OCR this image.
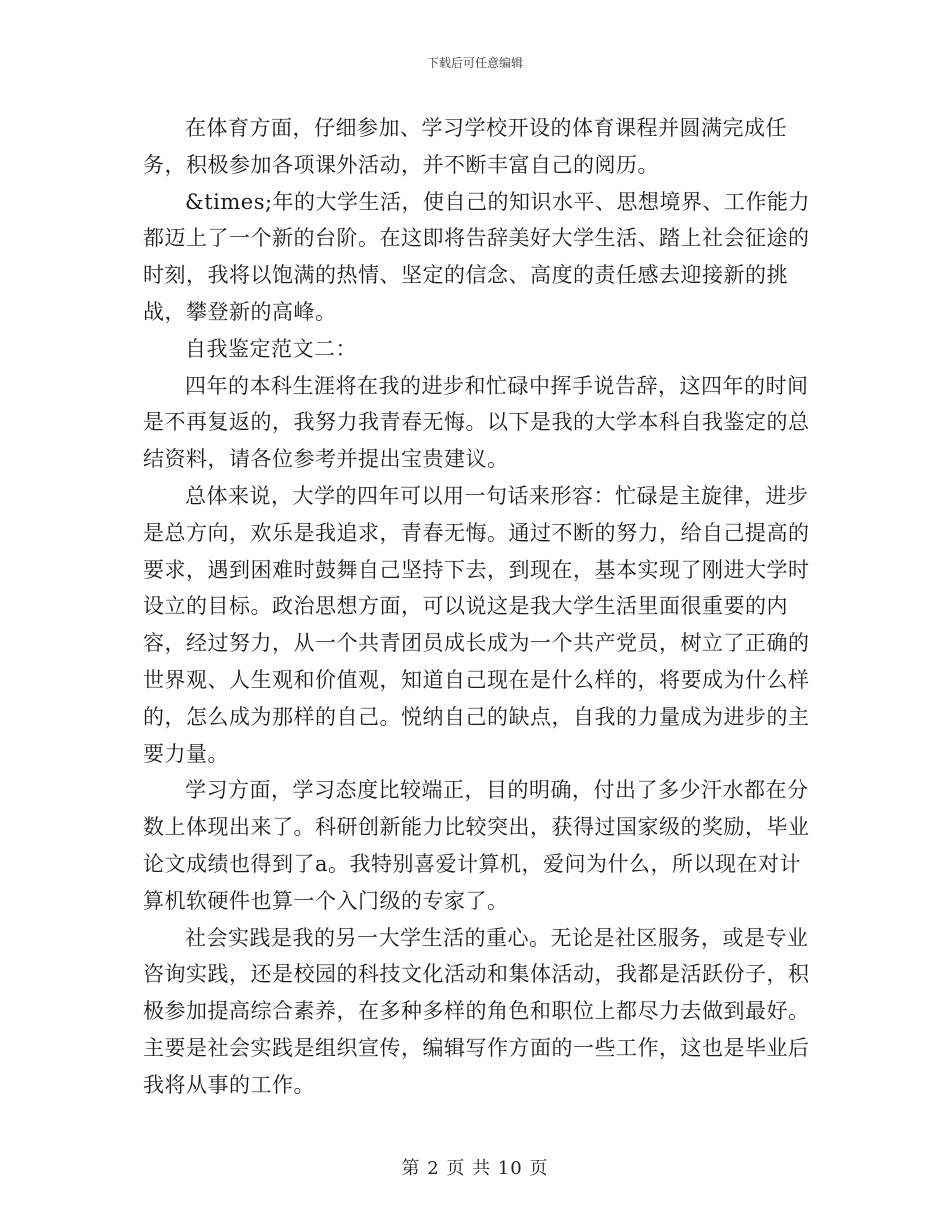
下载后可任意编辑

在体育方面，仔细参加、学习学校开设的体育课程并圆满完成任务，积极参加各项课外活动，并不断丰富自己的阅历。

&times;年的大学生活，使自己的知识水平、思想境界、工作能力都迈上了一个新的台阶。在这即将告辞美好大学生活、踏上社会征途的时刻，我将以饱满的热情、坚定的信念、高度的责任感去迎接新的挑战，攀登新的高峰。

自我鉴定范文二：

四年的本科生涯将在我的进步和忙碌中挥手说告辞，这四年的时间是不再复返的，我努力我青春无悔。以下是我的大学本科自我鉴定的总结资料，请各位参考并提出宝贵建议。

总体来说，大学的四年可以用一句话来形容：忙碌是主旋律，进步是总方向，欢乐是我追求，青春无悔。通过不断的努力，给自己提高的要求，遇到困难时鼓舞自己坚持下去，到现在，基本实现了刚进大学时设立的目标。政治思想方面，可以说这是我大学生活里面很重要的内容，经过努力，从一个共青团员成长成为一个共产党员，树立了正确的世界观、人生观和价值观，知道自己现在是什么样的，将要成为什么样的，怎么成为那样的自己。悦纳自己的缺点，自我的力量成为进步的主要力量。

学习方面，学习态度比较端正，目的明确，付出了多少汗水都在分数上体现出来了。科研创新能力比较突出，获得过国家级的奖励，毕业论文成绩也得到了a。我特别喜爱计算机，爱问为什么，所以现在对计算机软硬件也算一个入门级的专家了。

社会实践是我的另一大学生活的重心。无论是社区服务，或是专业咨询实践，还是校园的科技文化活动和集体活动，我都是活跃份子，积极参加提高综合素养，在多种多样的角色和职位上都尽力去做到最好。主要是社会实践是组织宣传，编辑写作方面的一些工作，这也是毕业后我将从事的工作。

第 2 页 共 10 页
